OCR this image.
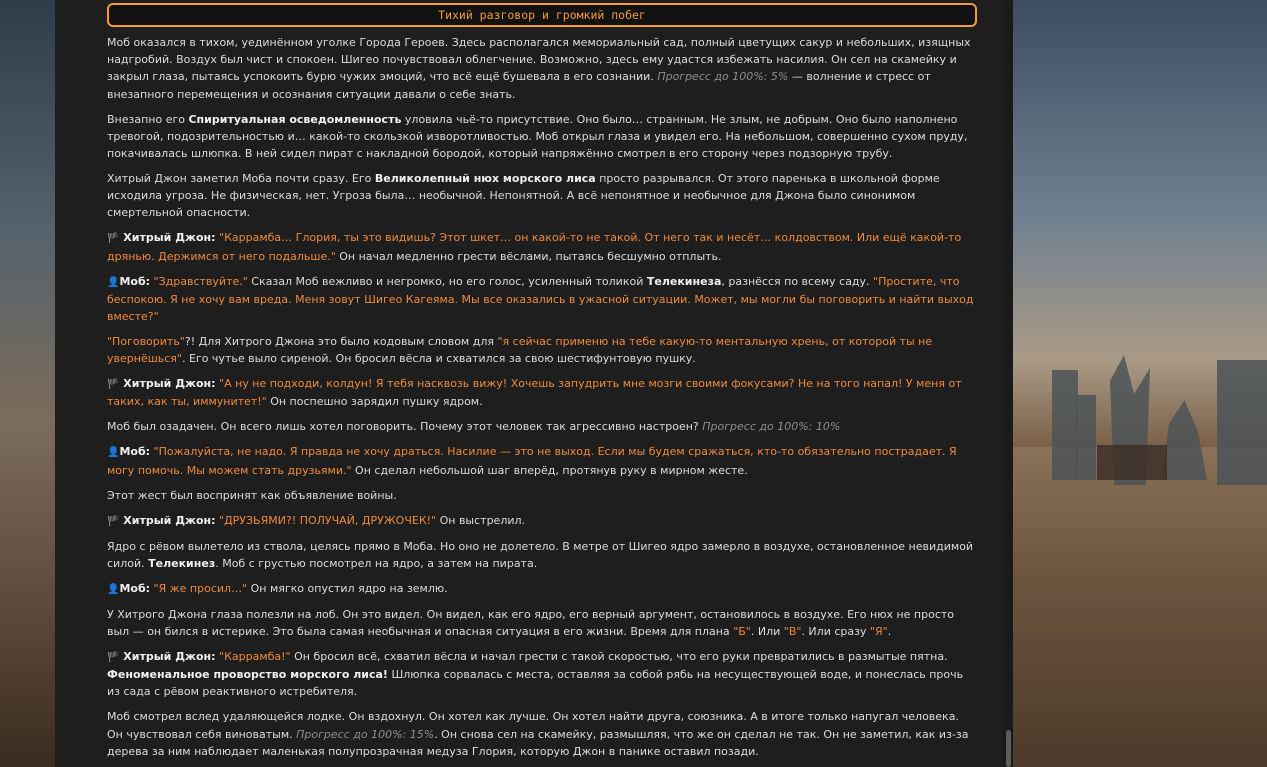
Тихий разговор и громкий побег

Моб оказался в тихом, уединённом уголке Города Героев. Здесь располагался мемориальный сад, полный цветущих сакур и небольших, изящных надгробий. Воздух был чист и спокоен. Шигео почувствовал облегчение. Возможно, здесь ему удастся избежать насилия. Он сел на скамейку и закрыл глаза, пытаясь успокоить бурю чужих эмоций, что всё ещё бушевала в его сознании. Прогресс до 100%: 5% — волнение и стресс от внезапного перемещения и осознания ситуации давали о себе знать.

Внезапно его Спиритуальная осведомленность уловила чьё-то присутствие. Оно было… странным. Не злым, не добрым. Оно было наполнено тревогой, подозрительностью и… какой-то скользкой изворотливостью. Моб открыл глаза и увидел его. На небольшом, совершенно сухом пруду, покачивалась шлюпка. В ней сидел пират с накладной бородой, который напряжённо смотрел в его сторону через подзорную трубу.

Хитрый Джон заметил Моба почти сразу. Его Великолепный нюх морского лиса просто разрывался. От этого паренька в школьной форме исходила угроза. Не физическая, нет. Угроза была… необычной. Непонятной. А всё непонятное и необычное для Джона было синонимом смертельной опасности.

🏴 Хитрый Джон: "Каррамба… Глория, ты это видишь? Этот шкет… он какой-то не такой. От него так и несёт… колдовством. Или ещё какой-то дрянью. Держимся от него подальше." Он начал медленно грести вёслами, пытаясь бесшумно отплыть.

👤Моб: "Здравствуйте." Сказал Моб вежливо и негромко, но его голос, усиленный толикой Телекинеза, разнёсся по всему саду. "Простите, что беспокою. Я не хочу вам вреда. Меня зовут Шигео Кагеяма. Мы все оказались в ужасной ситуации. Может, мы могли бы поговорить и найти выход вместе?"

"Поговорить"?! Для Хитрого Джона это было кодовым словом для "я сейчас применю на тебе какую-то ментальную хрень, от которой ты не увернёшься". Его чутье выло сиреной. Он бросил вёсла и схватился за свою шестифунтовую пушку.

🏴 Хитрый Джон: "А ну не подходи, колдун! Я тебя насквозь вижу! Хочешь запудрить мне мозги своими фокусами? Не на того напал! У меня от таких, как ты, иммунитет!" Он поспешно зарядил пушку ядром.

Моб был озадачен. Он всего лишь хотел поговорить. Почему этот человек так агрессивно настроен? Прогресс до 100%: 10%

👤Моб: "Пожалуйста, не надо. Я правда не хочу драться. Насилие — это не выход. Если мы будем сражаться, кто-то обязательно пострадает. Я могу помочь. Мы можем стать друзьями." Он сделал небольшой шаг вперёд, протянув руку в мирном жесте.

Этот жест был воспринят как объявление войны.

🏴 Хитрый Джон: "ДРУЗЬЯМИ?! ПОЛУЧАЙ, ДРУЖОЧЕК!" Он выстрелил.

Ядро с рёвом вылетело из ствола, целясь прямо в Моба. Но оно не долетело. В метре от Шигео ядро замерло в воздухе, остановленное невидимой силой. Телекинез. Моб с грустью посмотрел на ядро, а затем на пирата.

👤Моб: "Я же просил…" Он мягко опустил ядро на землю.

У Хитрого Джона глаза полезли на лоб. Он это видел. Он видел, как его ядро, его верный аргумент, остановилось в воздухе. Его нюх не просто выл — он бился в истерике. Это была самая необычная и опасная ситуация в его жизни. Время для плана "Б". Или "В". Или сразу "Я".

🏴 Хитрый Джон: "Каррамба!" Он бросил всё, схватил вёсла и начал грести с такой скоростью, что его руки превратились в размытые пятна. Феноменальное проворство морского лиса! Шлюпка сорвалась с места, оставляя за собой рябь на несуществующей воде, и понеслась прочь из сада с рёвом реактивного истребителя.

Моб смотрел вслед удаляющейся лодке. Он вздохнул. Он хотел как лучше. Он хотел найти друга, союзника. А в итоге только напугал человека. Он чувствовал себя виноватым. Прогресс до 100%: 15%. Он снова сел на скамейку, размышляя, что же он сделал не так. Он не заметил, как из-за дерева за ним наблюдает маленькая полупрозрачная медуза Глория, которую Джон в панике оставил позади.
